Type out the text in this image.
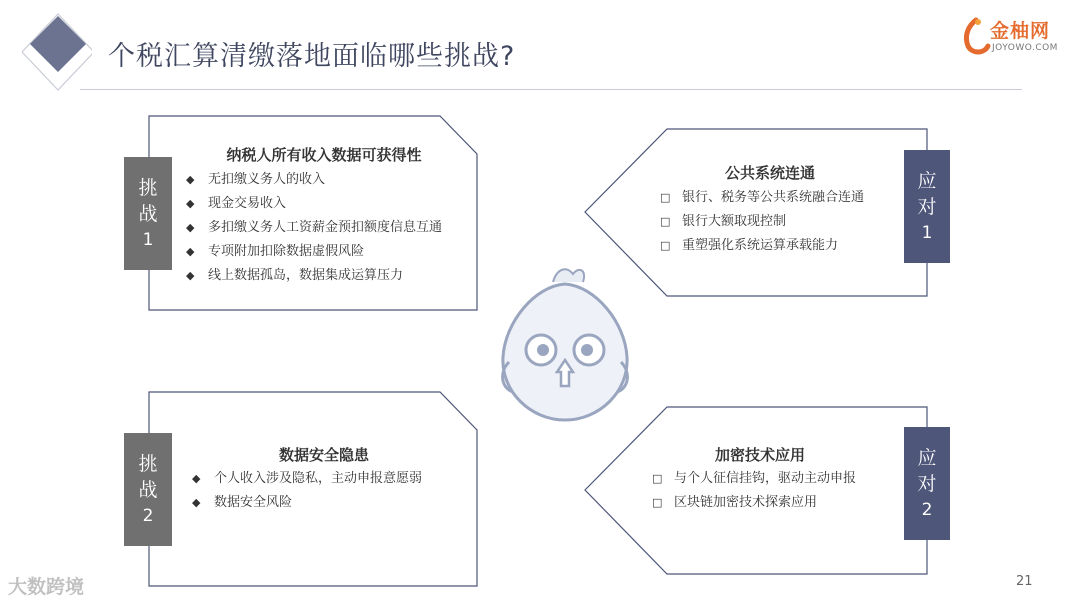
个税汇算清缴落地面临哪些挑战?
金柚网
JOYOWO.COM
挑
战
1
纳税人所有收入数据可获得性
◆ 无扣缴义务人的收入
◆ 现金交易收入
◆ 多扣缴义务人工资薪金预扣额度信息互通
◆ 专项附加扣除数据虚假风险
◆ 线上数据孤岛，数据集成运算压力
应
对
1
公共系统连通
□ 银行、税务等公共系统融合连通
□ 银行大额取现控制
□ 重塑强化系统运算承载能力
挑
战
2
数据安全隐患
◆ 个人收入涉及隐私，主动申报意愿弱
◆ 数据安全风险
应
对
2
加密技术应用
□ 与个人征信挂钩，驱动主动申报
□ 区块链加密技术探索应用
21
大数跨境
